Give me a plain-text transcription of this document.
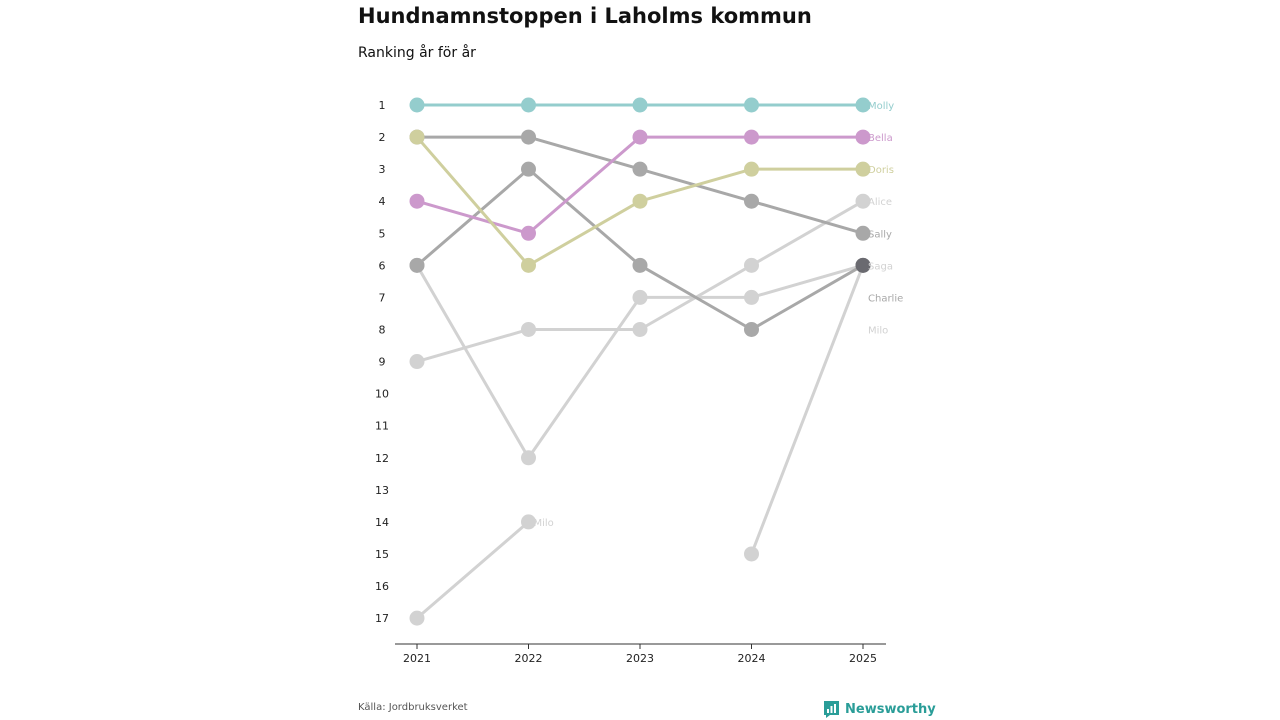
Hundnamnstoppen i Laholms kommun
Ranking år för år
Molly
Bella
Doris
Alice
Sally
Saga
Charlie
Milo
Milo
1
2
3
4
5
6
7
8
9
10
11
12
13
14
15
16
17
2021	2022	2023	2024	2025
Källa: Jordbruksverket	Newsworthy
